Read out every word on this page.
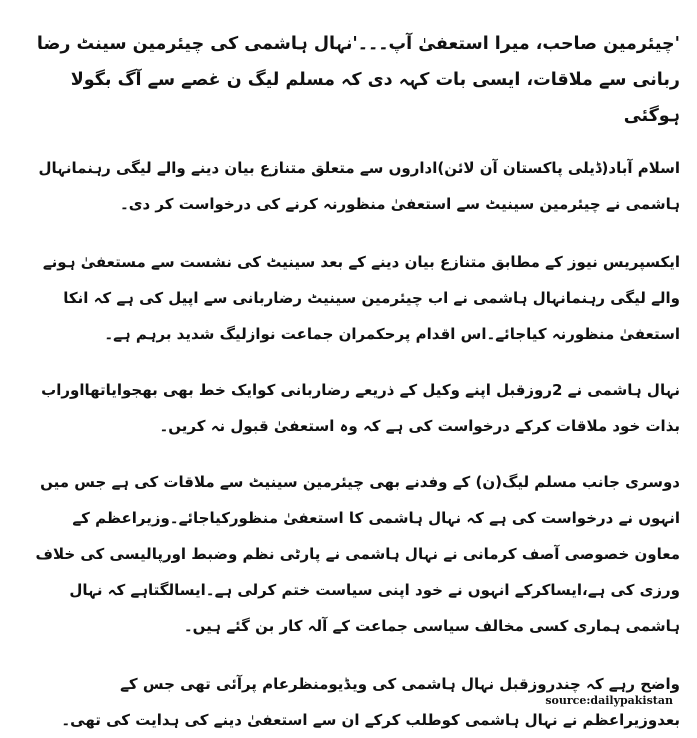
'چیئرمین صاحب، میرا استعفیٰ آپ۔۔۔'نہال ہاشمی کی چیئرمین سینٹ رضا ربانی سے ملاقات، ایسی بات کہہ دی کہ مسلم لیگ ن غصے سے آگ بگولا ہوگئی

اسلام آباد(ڈیلی پاکستان آن لائن)اداروں سے متعلق متنازع بیان دینے والے لیگی رہنمانہال ہاشمی نے چیئرمین سینیٹ سے استعفیٰ منظورنہ کرنے کی درخواست کر دی۔

ایکسپریس نیوز کے مطابق متنازع بیان دینے کے بعد سینیٹ کی نشست سے مستعفیٰ ہونے والے لیگی رہنمانہال ہاشمی نے اب چیئرمین سینیٹ رضاربانی سے اپیل کی ہے کہ انکا استعفیٰ منظورنہ کیاجائے۔اس اقدام پرحکمران جماعت نوازلیگ شدید برہم ہے۔

نہال ہاشمی نے 2روزقبل اپنے وکیل کے ذریعے رضاربانی کوایک خط بھی بھجوایاتھااوراب بذات خود ملاقات کرکے درخواست کی ہے کہ وہ استعفیٰ قبول نہ کریں۔

دوسری جانب مسلم لیگ(ن) کے وفدنے بھی چیئرمین سینیٹ سے ملاقات کی ہے جس میں انہوں نے درخواست کی ہے کہ نہال ہاشمی کا استعفیٰ منظورکیاجائے۔وزیراعظم کے معاون خصوصی آصف کرمانی نے نہال ہاشمی نے پارٹی نظم وضبط اورپالیسی کی خلاف ورزی کی ہے،ایساکرکے انہوں نے خود اپنی سیاست ختم کرلی ہے۔ایسالگتاہے کہ نہال ہاشمی ہماری کسی مخالف سیاسی جماعت کے آلہ کار بن گئے ہیں۔

واضح رہے کہ چندروزقبل نہال ہاشمی کی ویڈیومنظرعام پرآئی تھی جس کے بعدوزیراعظم نے نہال ہاشمی کوطلب کرکے ان سے استعفیٰ دینے کی ہدایت کی تھی۔

source:dailypakistan
